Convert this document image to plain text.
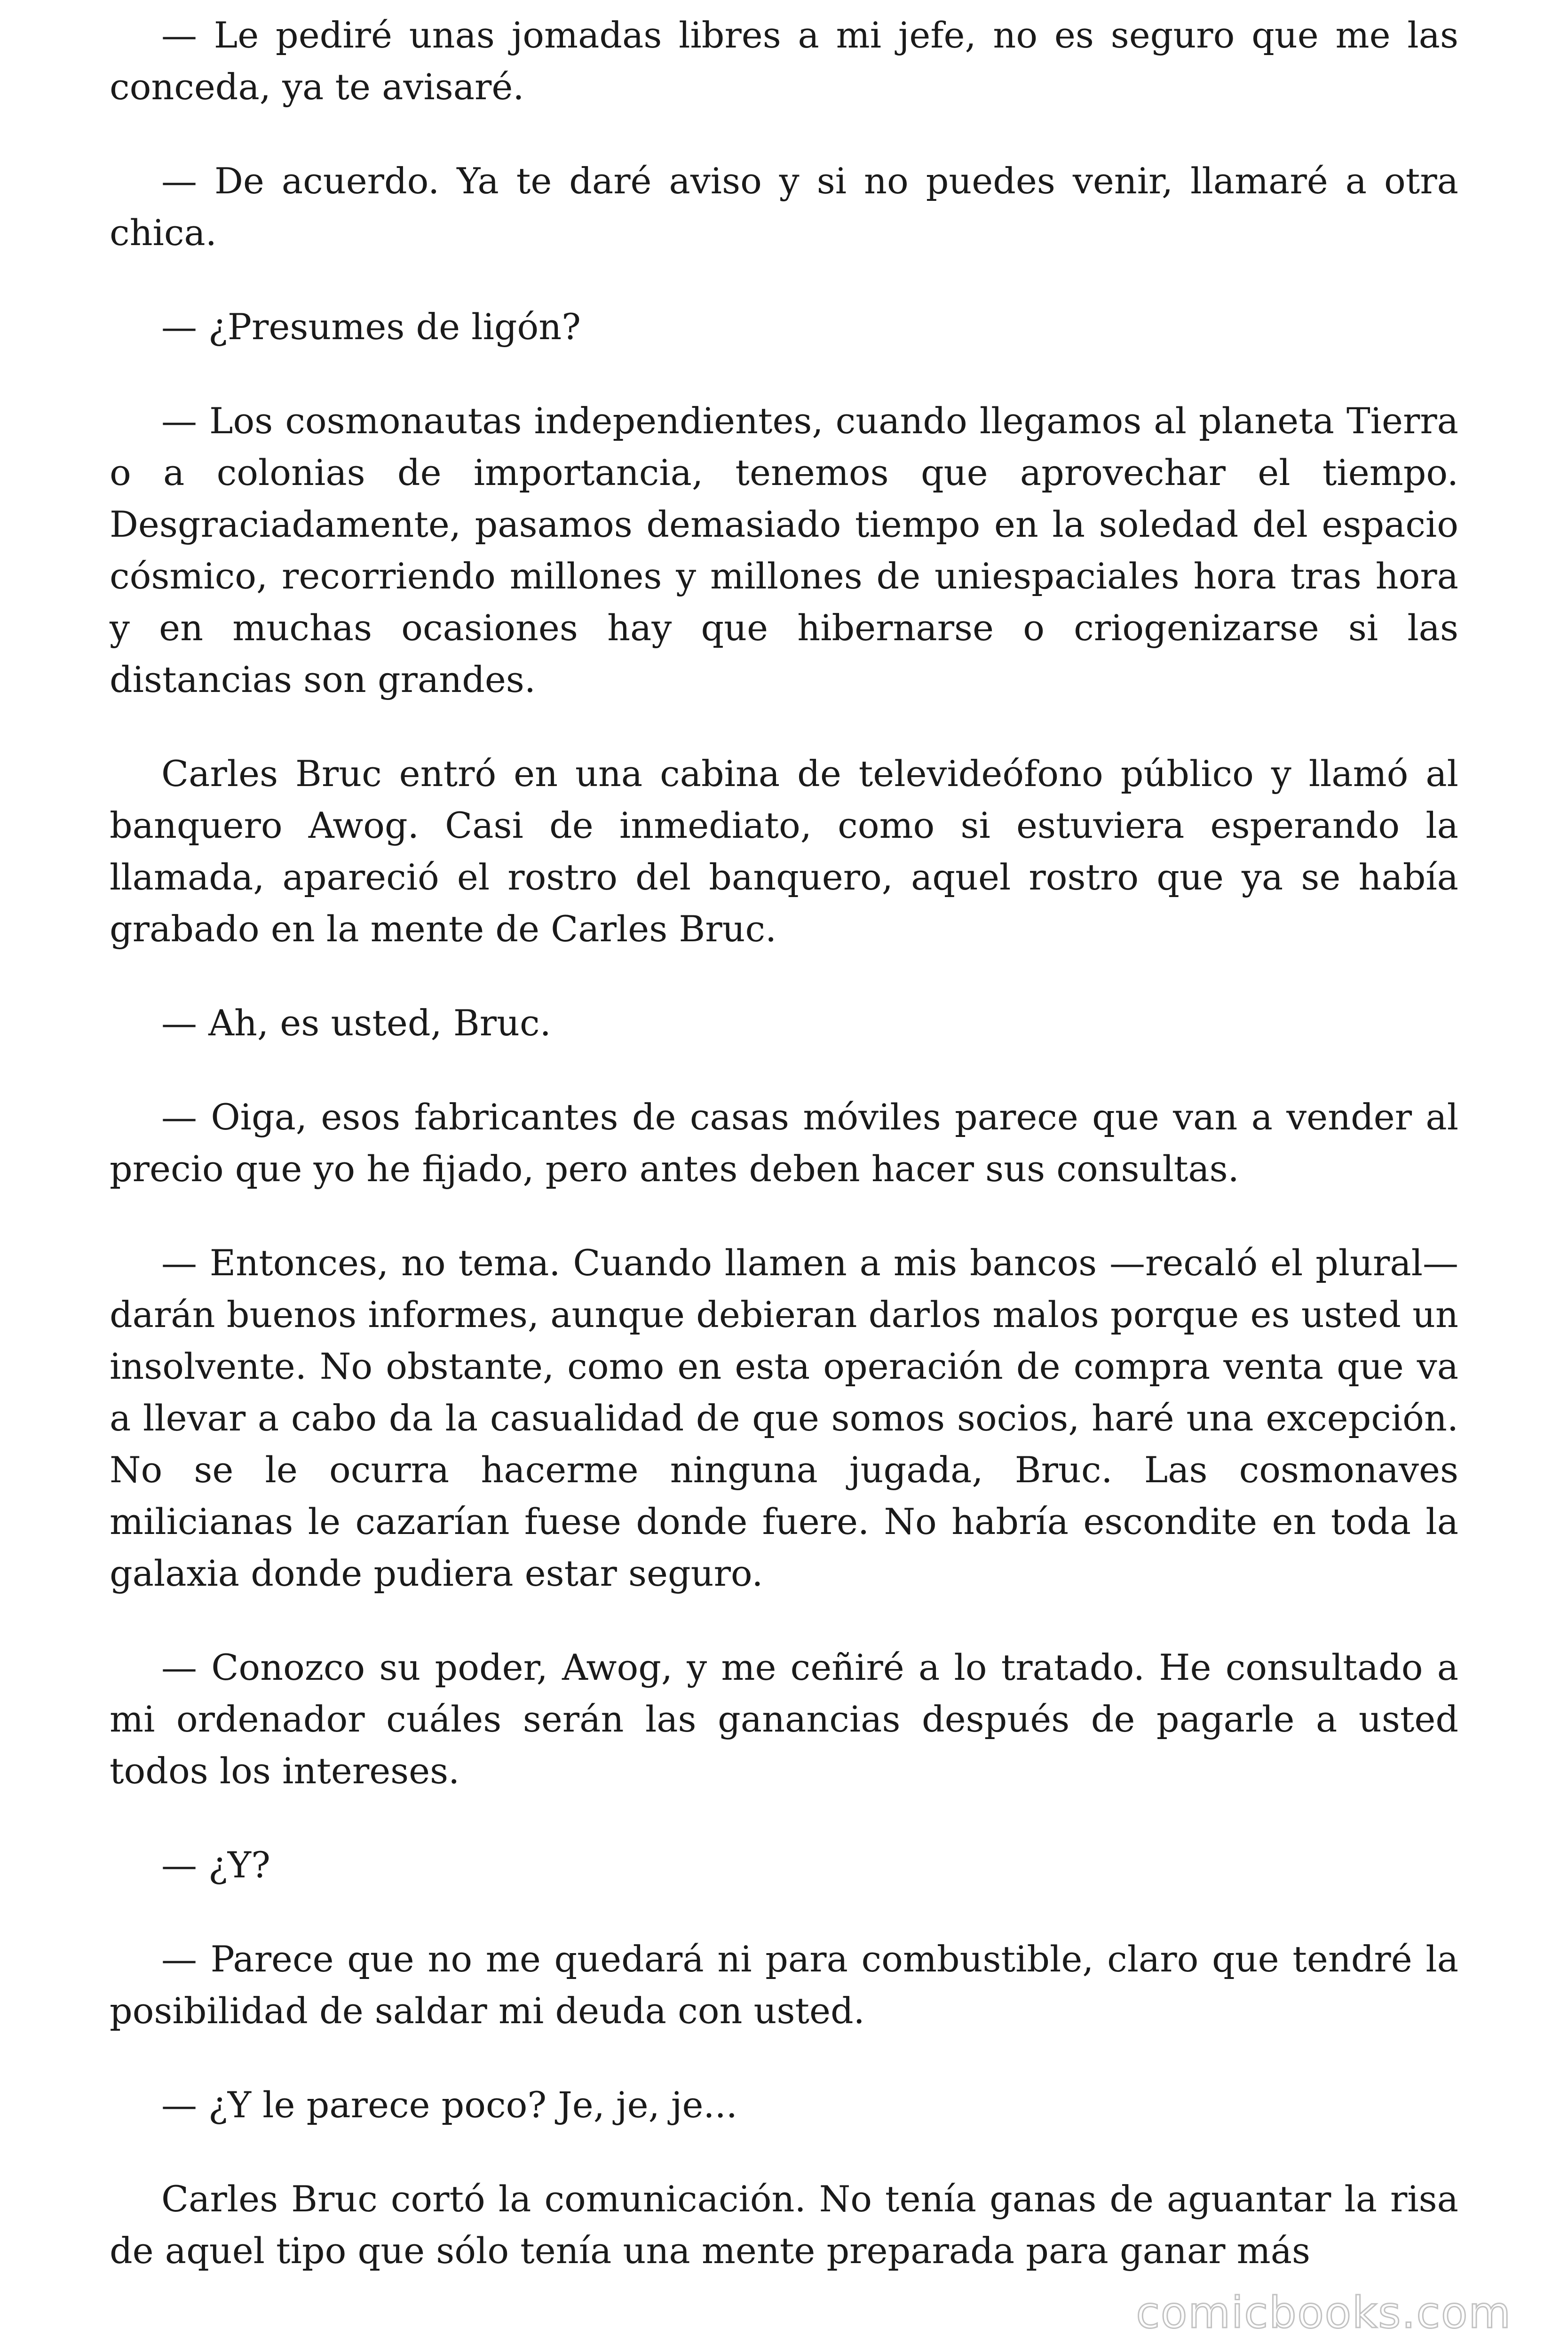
— Le pediré unas jomadas libres a mi jefe, no es seguro que me las conceda, ya te avisaré.

— De acuerdo. Ya te daré aviso y si no puedes venir, llamaré a otra chica.

— ¿Presumes de ligón?

— Los cosmonautas independientes, cuando llegamos al planeta Tierra o a colonias de importancia, tenemos que aprovechar el tiempo. Desgraciadamente, pasamos demasiado tiempo en la soledad del espacio cósmico, recorriendo millones y millones de uniespaciales hora tras hora y en muchas ocasiones hay que hibernarse o criogenizarse si las distancias son grandes.

Carles Bruc entró en una cabina de televideófono público y llamó al banquero Awog. Casi de inmediato, como si estuviera esperando la llamada, apareció el rostro del banquero, aquel rostro que ya se había grabado en la mente de Carles Bruc.

— Ah, es usted, Bruc.

— Oiga, esos fabricantes de casas móviles parece que van a vender al precio que yo he fijado, pero antes deben hacer sus consultas.

— Entonces, no tema. Cuando llamen a mis bancos —recaló el plural— darán buenos informes, aunque debieran darlos malos porque es usted un insolvente. No obstante, como en esta operación de compra venta que va a llevar a cabo da la casualidad de que somos socios, haré una excepción. No se le ocurra hacerme ninguna jugada, Bruc. Las cosmonaves milicianas le cazarían fuese donde fuere. No habría escondite en toda la galaxia donde pudiera estar seguro.

— Conozco su poder, Awog, y me ceñiré a lo tratado. He consultado a mi ordenador cuáles serán las ganancias después de pagarle a usted todos los intereses.

— ¿Y?

— Parece que no me quedará ni para combustible, claro que tendré la posibilidad de saldar mi deuda con usted.

— ¿Y le parece poco? Je, je, je...

Carles Bruc cortó la comunicación. No tenía ganas de aguantar la risa de aquel tipo que sólo tenía una mente preparada para ganar más

comicbooks.com
